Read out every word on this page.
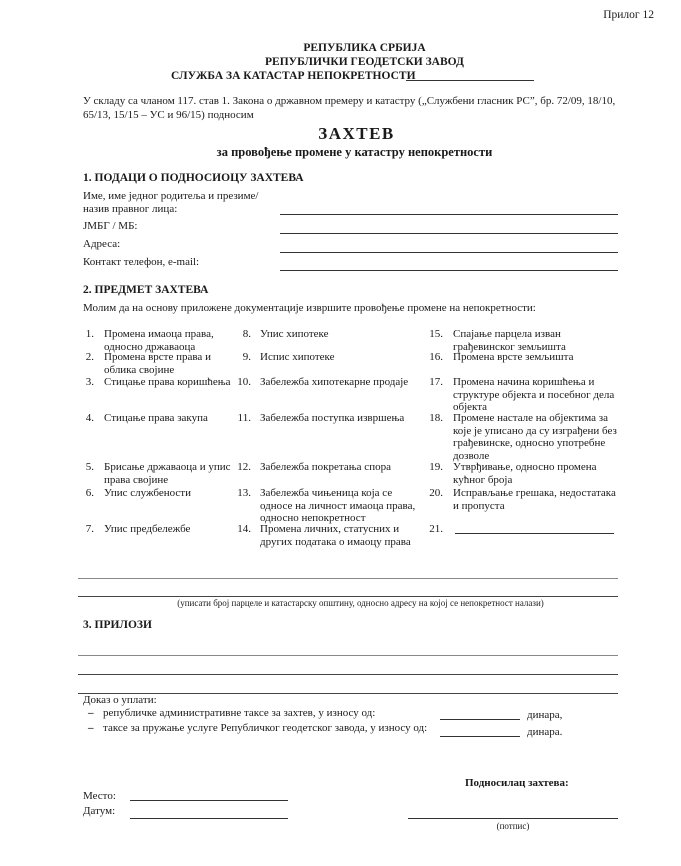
Прилог 12
РЕПУБЛИКА СРБИЈА
РЕПУБЛИЧКИ ГЕОДЕТСКИ ЗАВОД
СЛУЖБА ЗА КАТАСТАР НЕПОКРЕТНОСТИ
У складу са чланом 117. став 1. Закона о државном премеру и катастру („Службени гласник РС”, бр. 72/09, 18/10,
65/13, 15/15 – УС и 96/15) подносим
ЗАХТЕВ
за провођење промене у катастру непокретности
1. ПОДАЦИ О ПОДНОСИОЦУ ЗАХТЕВА
Име, име једног родитеља и презиме/
назив правног лица:
ЈМБГ / МБ:
Адреса:
Контакт телефон, e-mail:
2. ПРЕДМЕТ ЗАХТЕВА
Молим да на основу приложене документације извршите провођење промене на непокретности:
1. Промена имаоца права, односно државаоца
2. Промена врсте права и облика својине
3. Стицање права коришћења
4. Стицање права закупа
5. Брисање државаоца и упис права својине
6. Упис службености
7. Упис предбележбе
8. Упис хипотеке
9. Испис хипотеке
10. Забележба хипотекарне продаје
11. Забележба поступка извршења
12. Забележба покретања спора
13. Забележба чињеница која се односе на личност имаоца права, односно непокретност
14. Промена личних, статусних и других података о имаоцу права
15. Спајање парцела изван грађевинског земљишта
16. Промена врсте земљишта
17. Промена начина коришћења и структуре објекта и посебног дела објекта
18. Промене настале на објектима за које је уписано да су изграђени без грађевинске, односно употребне дозволе
19. Утврђивање, односно промена кућног броја
20. Исправљање грешака, недостатака и пропуста
21.
(уписати број парцеле и катастарску општину, односно адресу на којој се непокретност налази)
3. ПРИЛОЗИ
Доказ о уплати:
– републичке административне таксе за захтев, у износу од:	динара,
– таксе за пружање услуге Републичког геодетског завода, у износу од:	динара.
Подносилац захтева:
Место:
Датум:
(потпис)
